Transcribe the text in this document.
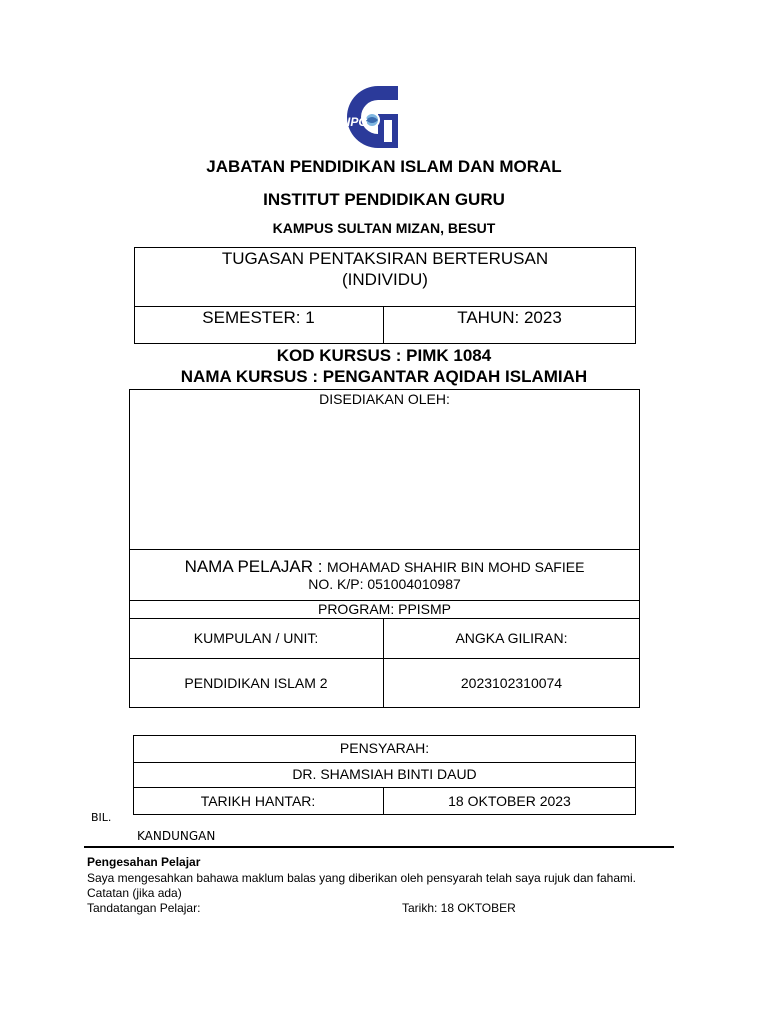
IPG
JABATAN PENDIDIKAN ISLAM DAN MORAL
INSTITUT PENDIDIKAN GURU
KAMPUS SULTAN MIZAN, BESUT
TUGASAN PENTAKSIRAN BERTERUSAN
(INDIVIDU)
SEMESTER: 1	TAHUN: 2023
KOD KURSUS : PIMK 1084
NAMA KURSUS : PENGANTAR AQIDAH ISLAMIAH
DISEDIAKAN OLEH:
NAMA PELAJAR : MOHAMAD SHAHIR BIN MOHD SAFIEE
NO. K/P: 051004010987
PROGRAM: PPISMP
KUMPULAN / UNIT:	ANGKA GILIRAN:
PENDIDIKAN ISLAM 2	2023102310074
PENSYARAH:
DR. SHAMSIAH BINTI DAUD
TARIKH HANTAR:	18 OKTOBER 2023
BIL.
KANDUNGAN
Pengesahan Pelajar
Saya mengesahkan bahawa maklum balas yang diberikan oleh pensyarah telah saya rujuk dan fahami.
Catatan (jika ada)
Tandatangan Pelajar:	Tarikh: 18 OKTOBER
